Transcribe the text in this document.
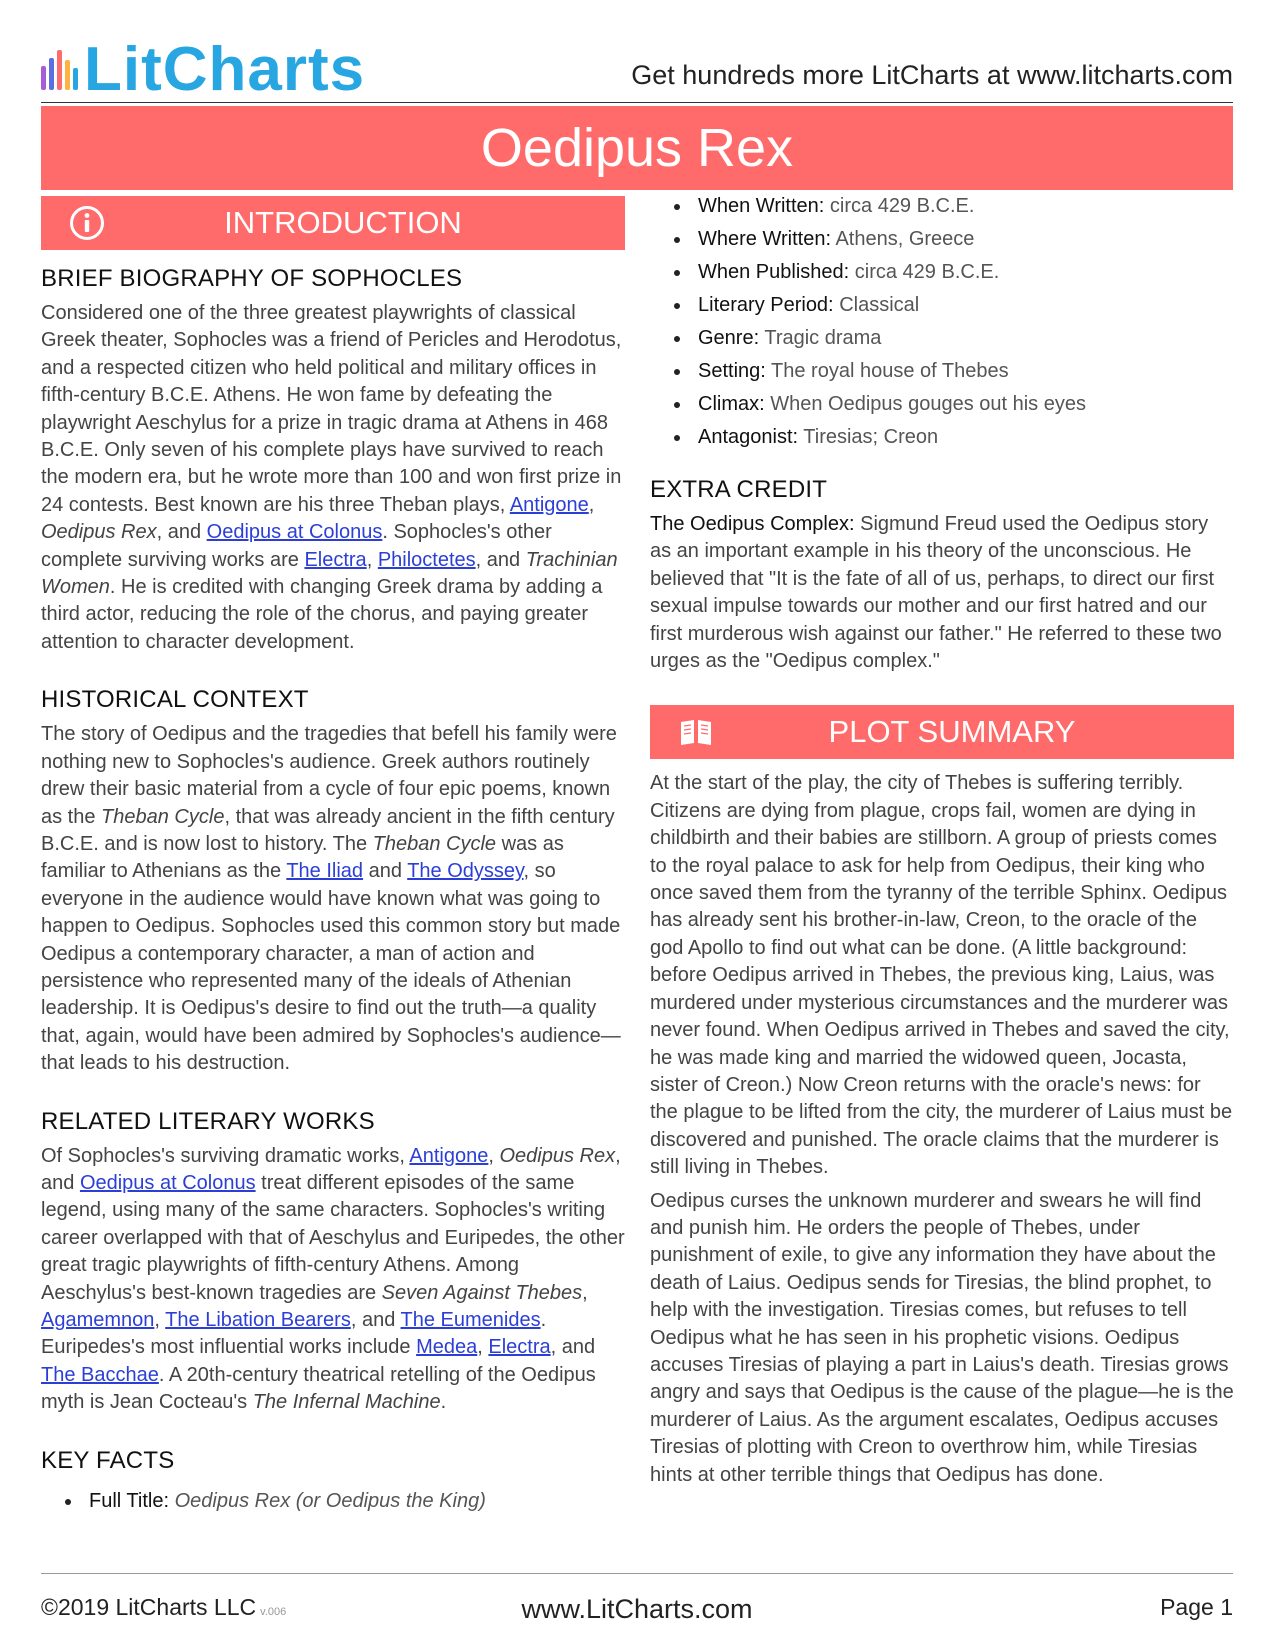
LitCharts	Get hundreds more LitCharts at www.litcharts.com
Oedipus Rex
INTRODUCTION
BRIEF BIOGRAPHY OF SOPHOCLES

Considered one of the three greatest playwrights of classical Greek theater, Sophocles was a friend of Pericles and Herodotus, and a respected citizen who held political and military offices in fifth-century B.C.E. Athens. He won fame by defeating the playwright Aeschylus for a prize in tragic drama at Athens in 468 B.C.E. Only seven of his complete plays have survived to reach the modern era, but he wrote more than 100 and won first prize in 24 contests. Best known are his three Theban plays, Antigone, Oedipus Rex, and Oedipus at Colonus. Sophocles's other complete surviving works are Electra, Philoctetes, and Trachinian Women. He is credited with changing Greek drama by adding a third actor, reducing the role of the chorus, and paying greater attention to character development.

HISTORICAL CONTEXT

The story of Oedipus and the tragedies that befell his family were nothing new to Sophocles's audience. Greek authors routinely drew their basic material from a cycle of four epic poems, known as the Theban Cycle, that was already ancient in the fifth century B.C.E. and is now lost to history. The Theban Cycle was as familiar to Athenians as the The Iliad and The Odyssey, so everyone in the audience would have known what was going to happen to Oedipus. Sophocles used this common story but made Oedipus a contemporary character, a man of action and persistence who represented many of the ideals of Athenian leadership. It is Oedipus's desire to find out the truth—a quality that, again, would have been admired by Sophocles's audience—that leads to his destruction.

RELATED LITERARY WORKS

Of Sophocles's surviving dramatic works, Antigone, Oedipus Rex, and Oedipus at Colonus treat different episodes of the same legend, using many of the same characters. Sophocles's writing career overlapped with that of Aeschylus and Euripedes, the other great tragic playwrights of fifth-century Athens. Among Aeschylus's best-known tragedies are Seven Against Thebes, Agamemnon, The Libation Bearers, and The Eumenides. Euripedes's most influential works include Medea, Electra, and The Bacchae. A 20th-century theatrical retelling of the Oedipus myth is Jean Cocteau's The Infernal Machine.

KEY FACTS
Full Title: Oedipus Rex (or Oedipus the King)
When Written: circa 429 B.C.E.
Where Written: Athens, Greece
When Published: circa 429 B.C.E.
Literary Period: Classical
Genre: Tragic drama
Setting: The royal house of Thebes
Climax: When Oedipus gouges out his eyes
Antagonist: Tiresias; Creon
EXTRA CREDIT

The Oedipus Complex: Sigmund Freud used the Oedipus story as an important example in his theory of the unconscious. He believed that "It is the fate of all of us, perhaps, to direct our first sexual impulse towards our mother and our first hatred and our first murderous wish against our father." He referred to these two urges as the "Oedipus complex."

PLOT SUMMARY

At the start of the play, the city of Thebes is suffering terribly. Citizens are dying from plague, crops fail, women are dying in childbirth and their babies are stillborn. A group of priests comes to the royal palace to ask for help from Oedipus, their king who once saved them from the tyranny of the terrible Sphinx. Oedipus has already sent his brother-in-law, Creon, to the oracle of the god Apollo to find out what can be done. (A little background: before Oedipus arrived in Thebes, the previous king, Laius, was murdered under mysterious circumstances and the murderer was never found. When Oedipus arrived in Thebes and saved the city, he was made king and married the widowed queen, Jocasta, sister of Creon.) Now Creon returns with the oracle's news: for the plague to be lifted from the city, the murderer of Laius must be discovered and punished. The oracle claims that the murderer is still living in Thebes.

Oedipus curses the unknown murderer and swears he will find and punish him. He orders the people of Thebes, under punishment of exile, to give any information they have about the death of Laius. Oedipus sends for Tiresias, the blind prophet, to help with the investigation. Tiresias comes, but refuses to tell Oedipus what he has seen in his prophetic visions. Oedipus accuses Tiresias of playing a part in Laius's death. Tiresias grows angry and says that Oedipus is the cause of the plague—he is the murderer of Laius. As the argument escalates, Oedipus accuses Tiresias of plotting with Creon to overthrow him, while Tiresias hints at other terrible things that Oedipus has done.

©2019 LitCharts LLC v.006	www.LitCharts.com	Page 1
